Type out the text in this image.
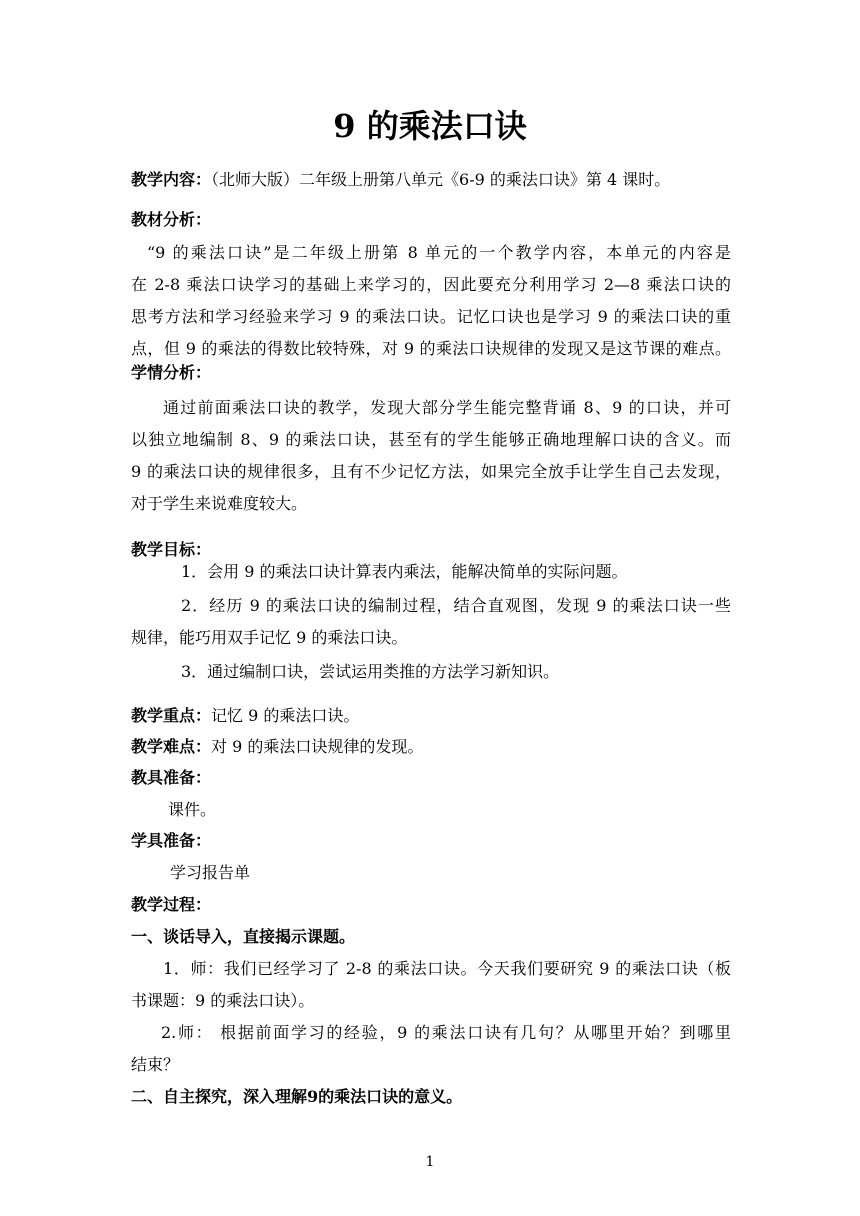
9 的乘法口诀
教学内容：（北师大版）二年级上册第八单元《6-9 的乘法口诀》第 4 课时。
教材分析：
“9 的乘法口诀”是二年级上册第 8 单元的一个教学内容，本单元的内容是
在 2-8 乘法口诀学习的基础上来学习的，因此要充分利用学习 2—8 乘法口诀的
思考方法和学习经验来学习 9 的乘法口诀。记忆口诀也是学习 9 的乘法口诀的重
点，但 9 的乘法的得数比较特殊，对 9 的乘法口诀规律的发现又是这节课的难点。
学情分析：
通过前面乘法口诀的教学，发现大部分学生能完整背诵 8、9 的口诀，并可
以独立地编制 8、9 的乘法口诀，甚至有的学生能够正确地理解口诀的含义。而
9 的乘法口诀的规律很多，且有不少记忆方法，如果完全放手让学生自己去发现，
对于学生来说难度较大。
教学目标：
1．会用 9 的乘法口诀计算表内乘法，能解决简单的实际问题。
2．经历 9 的乘法口诀的编制过程，结合直观图，发现 9 的乘法口诀一些
规律，能巧用双手记忆 9 的乘法口诀。
3．通过编制口诀，尝试运用类推的方法学习新知识。
教学重点：记忆 9 的乘法口诀。
教学难点：对 9 的乘法口诀规律的发现。
教具准备：
课件。
学具准备：
学习报告单
教学过程：
一、谈话导入，直接揭示课题。
1．师：我们已经学习了 2-8 的乘法口诀。今天我们要研究 9 的乘法口诀（板
书课题：9 的乘法口诀）。
2.师： 根据前面学习的经验，9 的乘法口诀有几句？从哪里开始？到哪里
结束？
二、自主探究，深入理解9的乘法口诀的意义。
1
